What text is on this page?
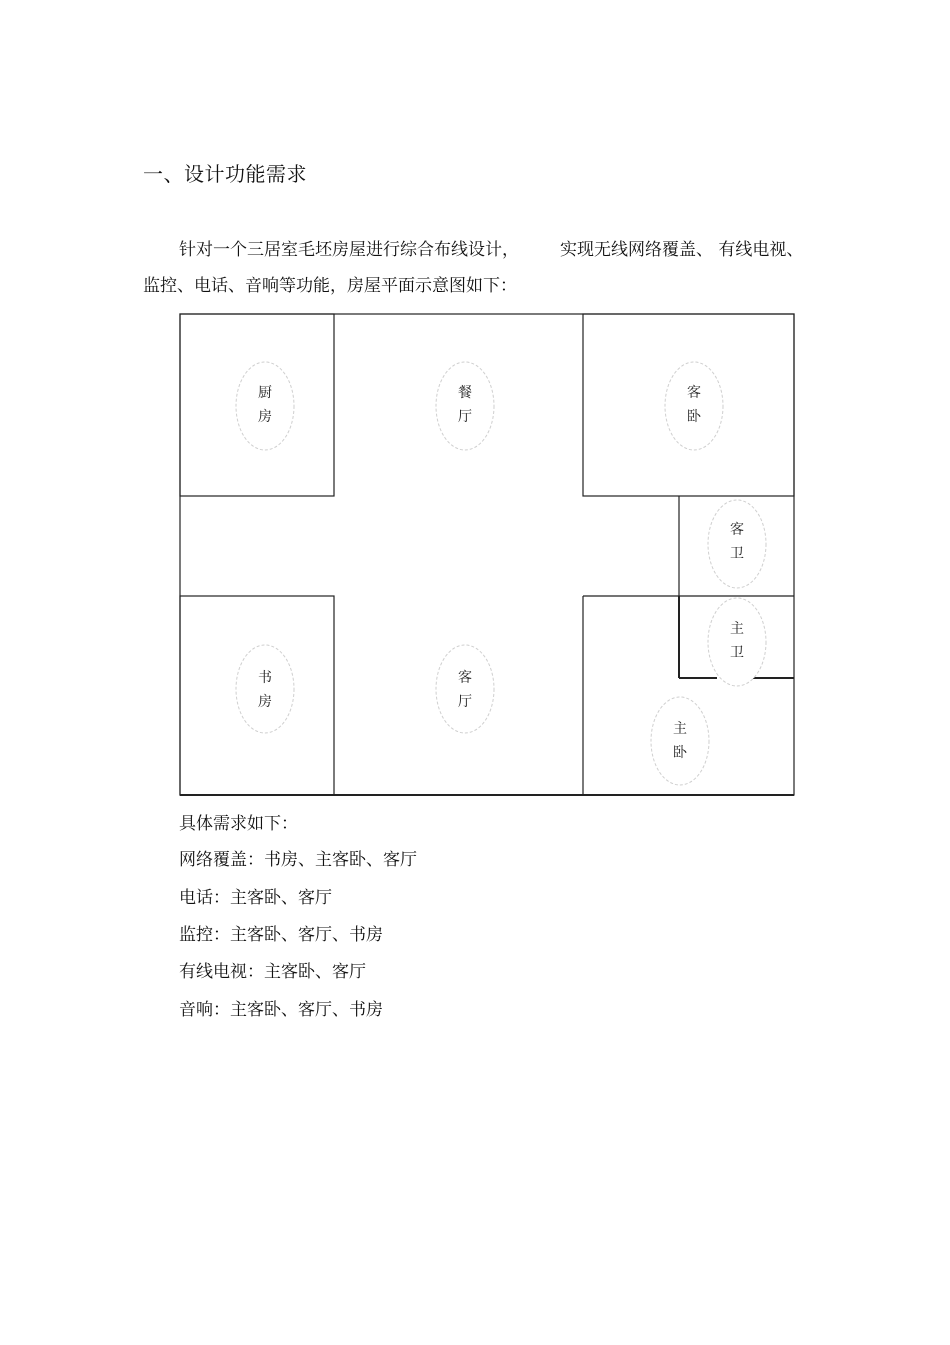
一、设计功能需求
针对一个三居室毛坯房屋进行综合布线设计， 实现无线网络覆盖、 有线电视、
监控、电话、音响等功能，房屋平面示意图如下：
厨
房
餐
厅
客
卧
客
卫
主
卫
书
房
客
厅
主
卧
具体需求如下：
网络覆盖：书房、主客卧、客厅
电话：主客卧、客厅
监控：主客卧、客厅、书房
有线电视：主客卧、客厅
音响：主客卧、客厅、书房
